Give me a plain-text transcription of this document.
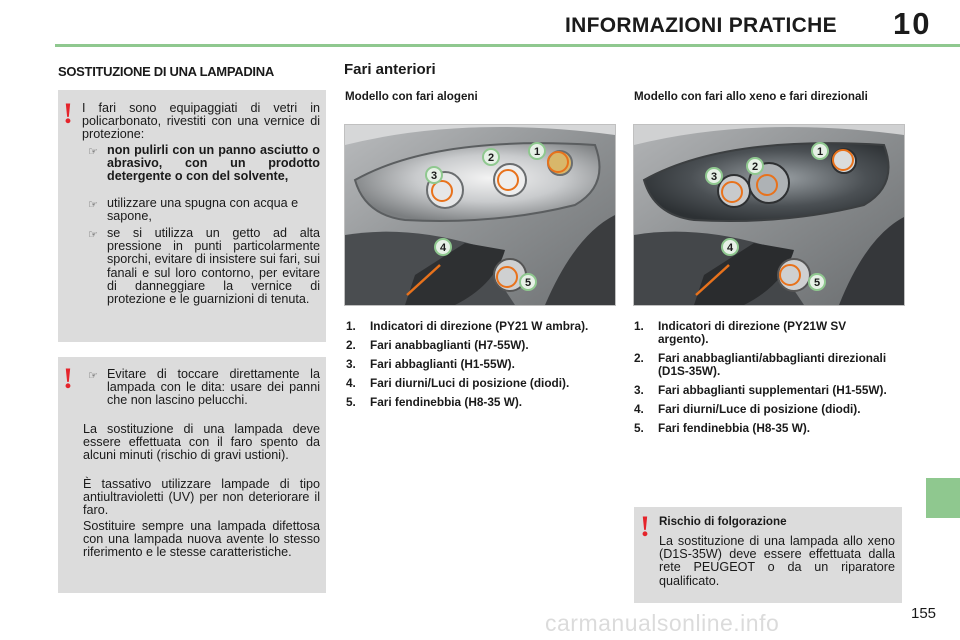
INFORMAZIONI PRATICHE 10
SOSTITUZIONE DI UNA LAMPADINA
! I fari sono equipaggiati di vetri in policarbonato, rivestiti con una vernice di protezione:
☞ non pulirli con un panno asciutto o abrasivo, con un prodotto detergente o con del solvente,
☞ utilizzare una spugna con acqua e sapone,
☞ se si utilizza un getto ad alta pressione in punti particolarmente sporchi, evitare di insistere sui fari, sui fanali e sul loro contorno, per evitare di danneggiare la vernice di protezione e le guarnizioni di tenuta.
! ☞ Evitare di toccare direttamente la lampada con le dita: usare dei panni che non lascino pelucchi.
La sostituzione di una lampada deve essere effettuata con il faro spento da alcuni minuti (rischio di gravi ustioni).
È tassativo utilizzare lampade di tipo antiultravioletti (UV) per non deteriorare il faro.
Sostituire sempre una lampada difettosa con una lampada nuova avente lo stesso riferimento e le stesse caratteristiche.
Fari anteriori
Modello con fari alogeni	Modello con fari allo xeno e fari direzionali
1
2
3
4
5
1
2
3
4
5
1. Indicatori di direzione (PY21 W ambra).
2. Fari anabbaglianti (H7-55W).
3. Fari abbaglianti (H1-55W).
4. Fari diurni/Luci di posizione (diodi).
5. Fari fendinebbia (H8-35 W).
1. Indicatori di direzione (PY21W SV argento).
2. Fari anabbaglianti/abbaglianti direzionali (D1S-35W).
3. Fari abbaglianti supplementari (H1-55W).
4. Fari diurni/Luce di posizione (diodi).
5. Fari fendinebbia (H8-35 W).
! Rischio di folgorazione
La sostituzione di una lampada allo xeno (D1S-35W) deve essere effettuata dalla rete PEUGEOT o da un riparatore qualificato.
155
carmanualsonline.info
